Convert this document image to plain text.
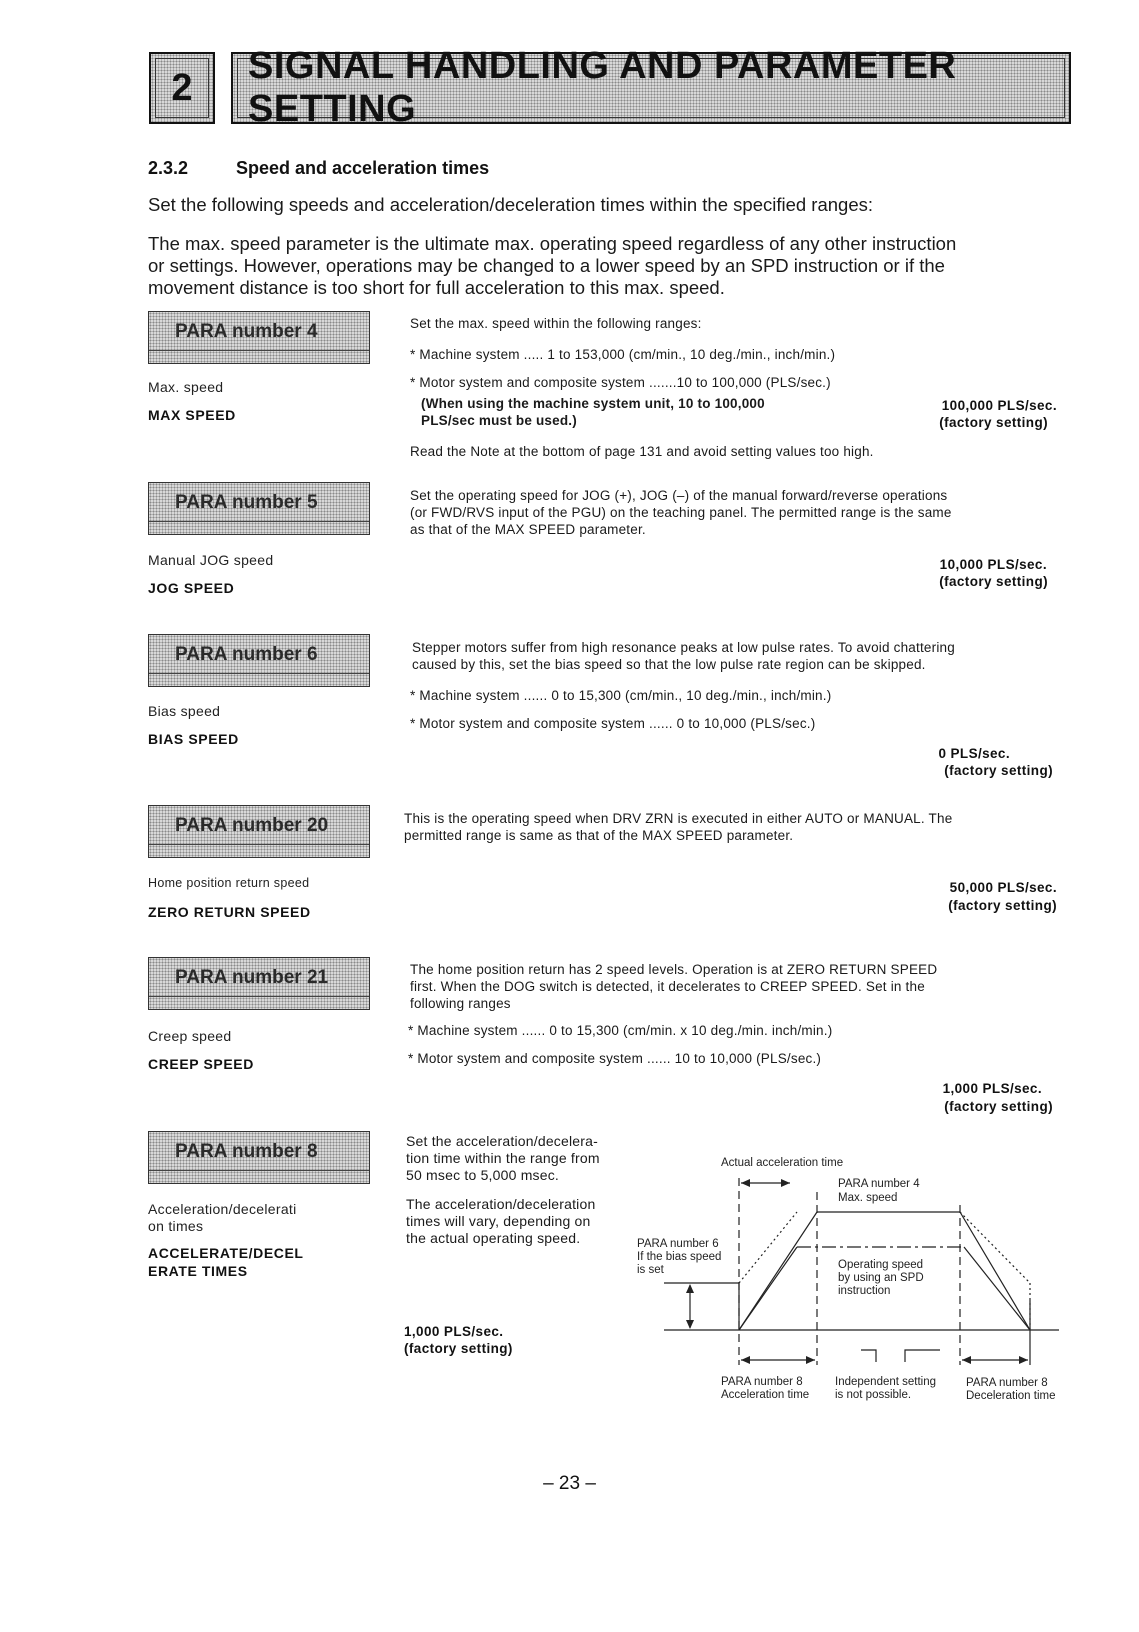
2
SIGNAL HANDLING AND PARAMETER SETTING
2.3.2	Speed and acceleration times
Set the following speeds and acceleration/deceleration times within the specified ranges:
The max. speed parameter is the ultimate max. operating speed regardless of any other instruction
or settings. However, operations may be changed to a lower speed by an SPD instruction or if the
movement distance is too short for full acceleration to this max. speed.
PARA number 4
Max. speed
MAX SPEED
Set the max. speed within the following ranges:
* Machine system ..... 1 to 153,000 (cm/min., 10 deg./min., inch/min.)
* Motor system and composite system .......10 to 100,000 (PLS/sec.)
(When using the machine system unit, 10 to 100,000
PLS/sec must be used.)
100,000 PLS/sec.
(factory setting)
Read the Note at the bottom of page 131 and avoid setting values too high.
PARA number 5
Manual JOG speed
JOG SPEED
Set the operating speed for JOG (+), JOG (–) of the manual forward/reverse operations
(or FWD/RVS input of the PGU) on the teaching panel. The permitted range is the same
as that of the MAX SPEED parameter.
10,000 PLS/sec.
(factory setting)
PARA number 6
Bias speed
BIAS SPEED
Stepper motors suffer from high resonance peaks at low pulse rates. To avoid chattering
caused by this, set the bias speed so that the low pulse rate region can be skipped.
* Machine system ...... 0 to 15,300 (cm/min., 10 deg./min., inch/min.)
* Motor system and composite system ...... 0 to 10,000 (PLS/sec.)
0 PLS/sec.
(factory setting)
PARA number 20
Home position return speed
ZERO RETURN SPEED
This is the operating speed when DRV ZRN is executed in either AUTO or MANUAL. The
permitted range is same as that of the MAX SPEED parameter.
50,000 PLS/sec.
(factory setting)
PARA number 21
Creep speed
CREEP SPEED
The home position return has 2 speed levels. Operation is at ZERO RETURN SPEED
first. When the DOG switch is detected, it decelerates to CREEP SPEED. Set in the
following ranges
* Machine system ...... 0 to 15,300 (cm/min. x 10 deg./min. inch/min.)
* Motor system and composite system ...... 10 to 10,000 (PLS/sec.)
1,000 PLS/sec.
(factory setting)
PARA number 8
Acceleration/decelerati
on times
ACCELERATE/DECEL
ERATE TIMES
Set the acceleration/decelera-
tion time within the range from
50 msec to 5,000 msec.
The acceleration/deceleration
times will vary, depending on
the actual operating speed.
1,000 PLS/sec.
(factory setting)
Actual acceleration time
PARA number 4
Max. speed
PARA number 6
If the bias speed
is set	Operating speed
by using an SPD
instruction
PARA number 8
Acceleration time
Independent setting
is not possible.
PARA number 8
Deceleration time
– 23 –
